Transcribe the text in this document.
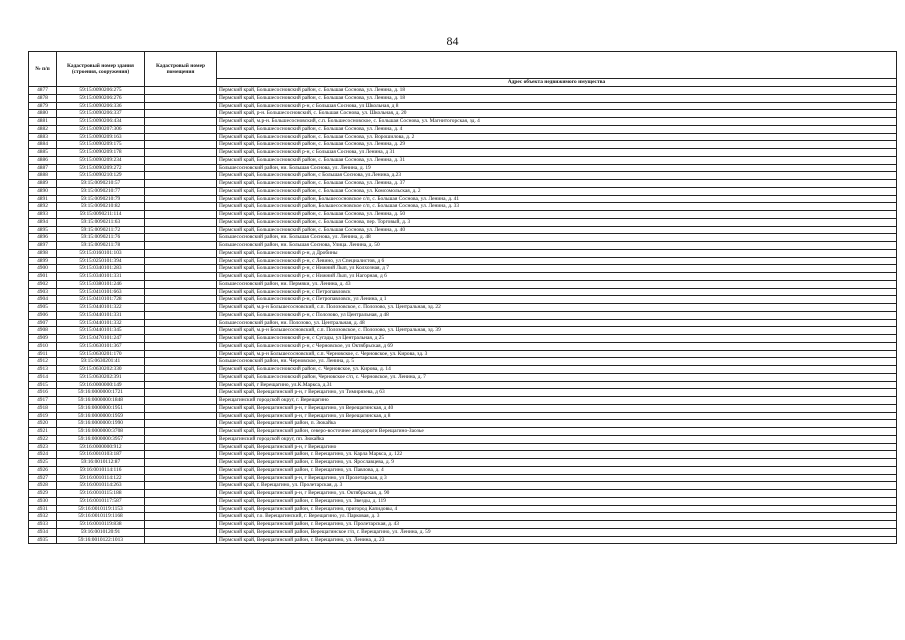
84
№ п/п	Кадастровый номер здания (строения, сооружения)	Кадастровый номер помещения	
			Адрес объекта недвижимого имущества
4877	59:15:0090206:275		Пермский край, Большесосновский район, с. Большая Соснова, ул. Ленина, д. 18
4878	59:15:0090206:276		Пермский край, Большесосновский район, с. Большая Соснова, ул. Ленина, д. 18
4879	59:15:0090206:336		Пермский край, Большесосновский р-н, с Большая Соснова, ул Школьная, д 8
4880	59:15:0090206:337		Пермский край, р-н. Большесосновский, с. Большая Соснова, ул. Школьная, д. 20
4881	59:15:0090206:434		Пермский край, м.р-н. Большесосновский, с.п. Большесосновское, с. Большая Соснова, ул. Магнитогорская, зд. 4
4882	59:15:0090207:306		Пермский край, Большесосновский район, с. Большая Соснова, ул. Ленина, д. 4
4883	59:15:0090209:163		Пермский край, Большесосновский район, с. Большая Соснова, ул. Ворошилова, д. 2
4884	59:15:0090209:175		Пермский край, Большесосновский район, с. Большая Соснова, ул. Ленина, д. 29
4885	59:15:0090209:178		Пермский край, Большесосновский р-н, с Большая Соснова, ул Ленина, д 31
4886	59:15:0090209:234		Пермский край, Большесосновский район, с. Большая Соснова, ул. Ленина, д. 31
4887	59:15:0090209:272		Большесосновский район, ни. Большая Соснова, ул. Ленина, д. 19
4888	59:15:0090210:129		Пермский край, Большесосновский район, с Большая Соснова, ул.Ленина, д.23
4889	59:15:0090210:57		Пермский край, Большесосновский район, с. Большая Соснова, ул. Ленина, д. 37
4890	59:15:0090210:77		Пермский край, Большесосновский район, с. Большая Соснова, ул. Комсомольская, д. 2
4891	59:15:0090210:79		Пермский край, Большесосновский район, Большесосновское с/п, с. Большая Соснова, ул. Ленина, д. 41
4892	59:15:0090210:82		Пермский край, Большесосновский район, Большесосновское с/п, с. Большая Соснова, ул. Ленина, д. 33
4893	59:15:0090211:114		Пермский край, Большесосновский район, с. Большая Соснова, ул. Ленина, д. 50
4894	59:15:0090211:63		Пермский край, Большесосновский район, с. Большая Соснова, пер. Торговый, д. 3
4895	59:15:0090211:72		Пермский край, Большесосновский район, с. Большая Соснова, ул. Ленина, д. 40
4896	59:15:0090211:76		Большесосновский район, ни. Большая Соснова, ул. Ленина, д. 48
4897	59:15:0090211:78		Большесосновский район, ни. Большая Соснова, Улица. Ленина, д. 50
4898	59:15:0160101:103		Пермский край, Большесосновский р-н, д Дробины
4899	59:15:0250101:394		Пермский край, Большесосновский р-н, с Левино, ул Специалистов, д 6
4900	59:15:0340101:283		Пермский край, Большесосновский р-н, с Нижний Лып, ул Колхозная, д 7
4901	59:15:0340101:331		Пермский край, Большесосновский р-н, с Нижний Лып, ул Нагорная, д 6
4902	59:15:0380101:246		Большесосновский район, ни. Пермяки, ул. Ленина, д. 43
4903	59:15:0410101:663		Пермский край, Большесосновский р-н, с Петропавловск
4904	59:15:0410101:728		Пермский край, Большесосновский р-н, с Петропавловск, ул Ленина, д 1
4905	59:15:0440101:322		Пермский край, м.р-н Большесосновский, с.п. Полозовское, с. Полозово, ул. Центральная, зд. 22
4906	59:15:0440101:331		Пермский край, Большесосновский р-н, с Полозово, ул Центральная, д 48
4907	59:15:0440101:332		Большесосновский район, ни. Полозово, ул. Центральная, д. 48
4908	59:15:0440101:345		Пермский край, м.р-н Большесосновский, с.п. Полозовское, с. Полозово, ул. Центральная, зд. 39
4909	59:15:0470101:247		Пермский край, Большесосновский р-н, с Сугады, ул Центральная, д 25
4910	59:15:0630101:367		Пермский край, Большесосновский р-н, с Черновское, ул Октябрьская, д 69
4911	59:15:0630201:170		Пермский край, м.р-н Большесосновский, с.п. Черновское, с. Черновское, ул. Кирова, зд. 3
4912	59:15:0630201:41		Большесосновский район, ни. Черновское, ул. Ленина, д. 5
4913	59:15:0630202:330		Пермский край, Большесосновский район, с. Черновское, ул. Кирова, д. 14
4914	59:15:0630202:391		Пермский край, Большесосновский район, Черновское с/п, с. Черновское, ул. Ленина, д. 7
4915	59:16:0000000:149		Пермский край, г Верещагино, ул.К.Маркса, д.31
4916	59:16:0000000:1721		Пермский край, Верещагинский р-н, г Верещагино, ул Тимирязева, д 63
4917	59:16:0000000:1848		Верещагинский городской округ, г. Верещагино
4918	59:16:0000000:1951		Пермский край, Верещагинский р-н, г Верещагино, ул Верещагинская, д 40
4919	59:16:0000000:1959		Пермский край, Верещагинский р-н, г Верещагино, ул Верещагинская, д 8
4920	59:16:0000000:1990		Пермский край, Верещагинский район, п. Зюкайка
4921	59:16:0000000:3708		Пермский край, Верещагинский район, северо-восточнее автодороги Верещагино-Заозье
4922	59:16:0000000:3957		Верещагинский городской округ, пп. Зюкайка
4923	59:16:0000000:912		Пермский край, Верещагинский р-н, г Верещагино
4924	59:16:0010103:187		Пермский край, Верещагинский район, г. Верещагино, ул. Карла Маркса, д. 122
4925	59:16:0010112:87		Пермский край, Верещагинский район, г. Верещагино, ул. Ярославцева, д. 9
4926	59:16:0010114:116		Пермский край, Верещагинский район, г. Верещагино, ул. Павлова, д. 4
4927	59:16:0010114:122		Пермский край, Верещагинский р-н, г Верещагино, ул Пролетарская, д 3
4928	59:16:0010114:263		Пермский край, г. Верещагино, ул. Пролетарская, д. 3
4929	59:16:0010115:188		Пермский край, Верещагинский р-н, г Верещагино, ул. Октябрьская, д. 90
4930	59:16:0010117:587		Пермский край, Верещагинский район, г. Верещагино, ул. Звезды, д. 119
4931	59:16:0010119:1153		Пермский край, Верещагинский район, г. Верещагино, пригород Капидовы, 4
4932	59:16:0010119:1168		Пермский край, г.о. Верещагинский, г. Верещагино, ул. Парковая, д. 3
4933	59:16:0010119:838		Пермский край, Верещагинский район, г. Верещагино, ул. Пролетарская, д. 43
4934	59:16:0010120:91		Пермский край, Верещагинский район, Верещагинское г/п, г. Верещагино, ул. Ленина, д. 59
4935	59:16:0010122:1013		Пермский край, Верещагинский район, г. Верещагино, ул. Ленина, д. 23
